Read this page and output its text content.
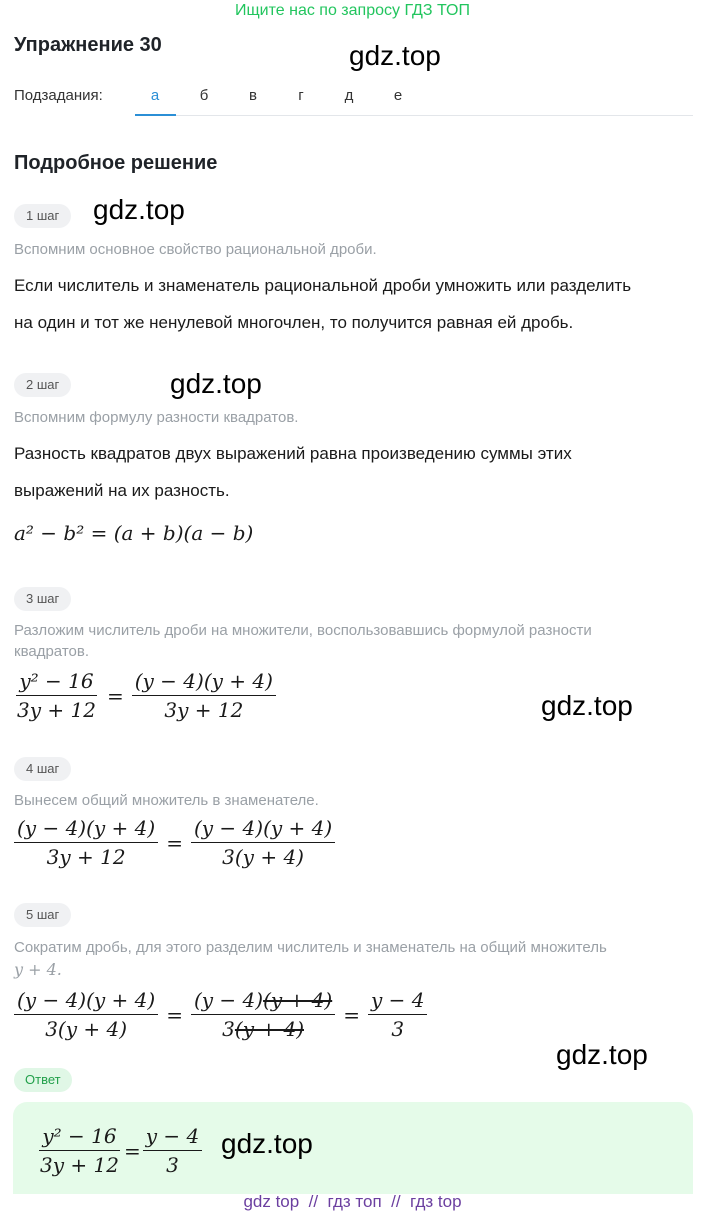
Ищите нас по запросу ГДЗ ТОП
Упражнение 30	gdz.top
Подзадания:	а	б	в	г	д	е
Подробное решение
1 шаг	gdz.top
Вспомним основное свойство рациональной дроби.
Если числитель и знаменатель рациональной дроби умножить или разделить
на один и тот же ненулевой многочлен, то получится равная ей дробь.
2 шаг	gdz.top
Вспомним формулу разности квадратов.
Разность квадратов двух выражений равна произведению суммы этих
выражений на их разность.
a² − b² = (a + b)(a − b)
3 шаг
Разложим числитель дроби на множители, воспользовавшись формулой разности
квадратов.
$\frac{\text{y² − 16}}{3y + 12} = \frac{(y - 4)(y + 4)}{3y + 12}$	gdz.top
4 шаг
Вынесем общий множитель в знаменателе.
$\frac{(y - 4)(y + 4)}{3y + 12} = \frac{(y - 4)(y + 4)}{3(y + 4)}$
5 шаг
Сократим дробь, для этого разделим числитель и знаменатель на общий множитель
y + 4.
$\frac{(y - 4)(y + 4)}{3(y + 4)} = \frac{(y - 4)(y + 4)}{3(y + 4)} = \frac{y - 4}{3}$
gdz.top
Ответ
$\frac{\text{y² − 16}}{3y + 12} = \frac{y - 4}{3} gdz.top$
gdz top  //  гдз топ  //  гдз top
